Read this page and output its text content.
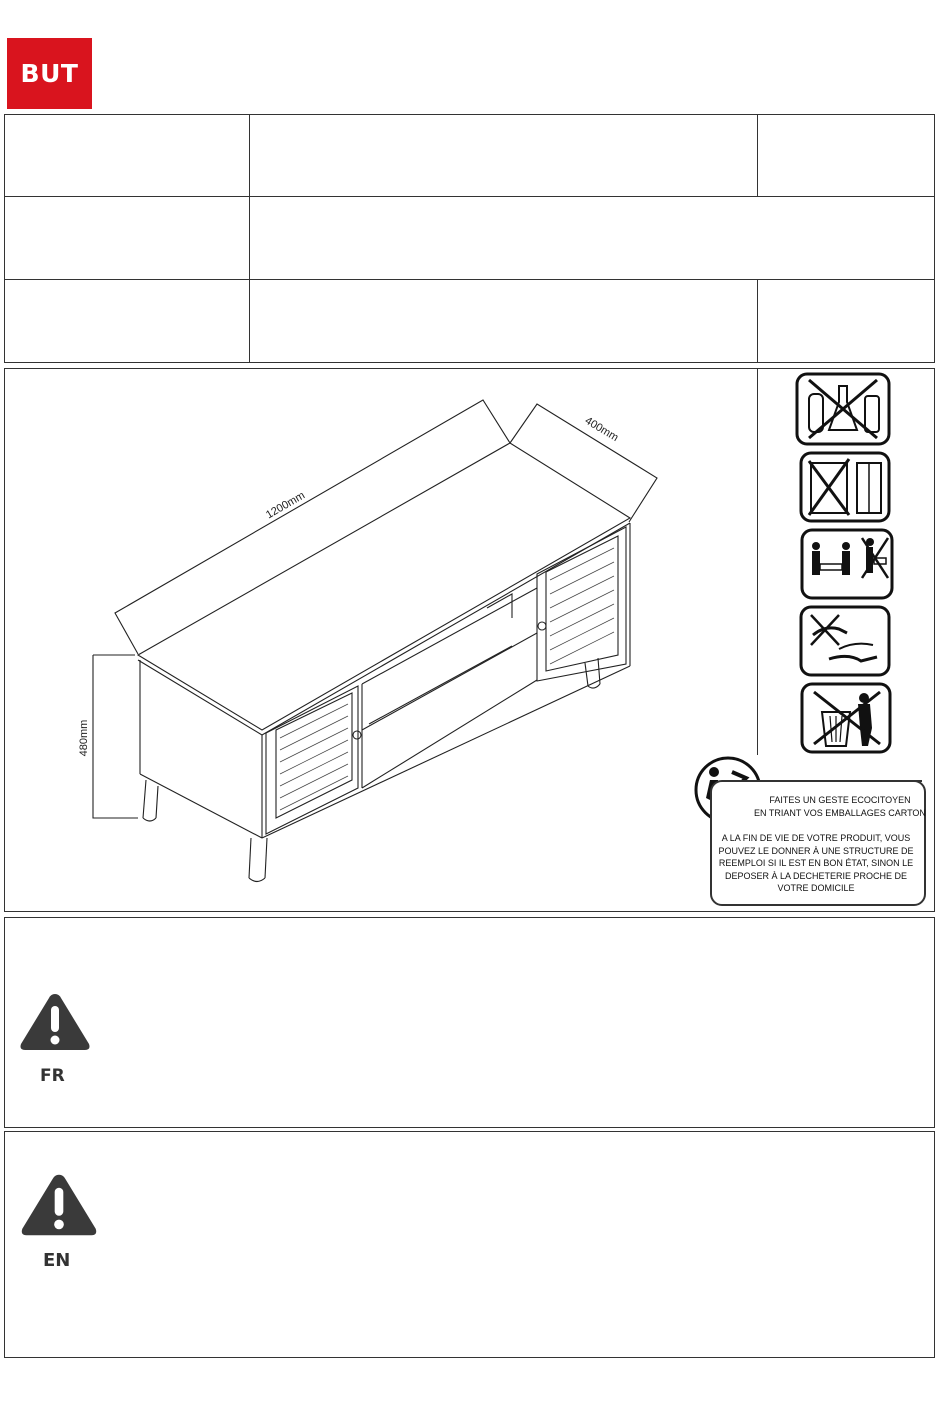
BUT
1200mm
400mm
480mm
FAITES UN GESTE ECOCITOYEN
EN TRIANT VOS EMBALLAGES CARTON
A LA FIN DE VIE DE VOTRE PRODUIT, VOUS
POUVEZ LE DONNER À UNE STRUCTURE DE
REEMPLOI SI IL EST EN BON ÉTAT, SINON LE
DEPOSER À LA DECHETERIE PROCHE DE
VOTRE DOMICILE
FR
EN
